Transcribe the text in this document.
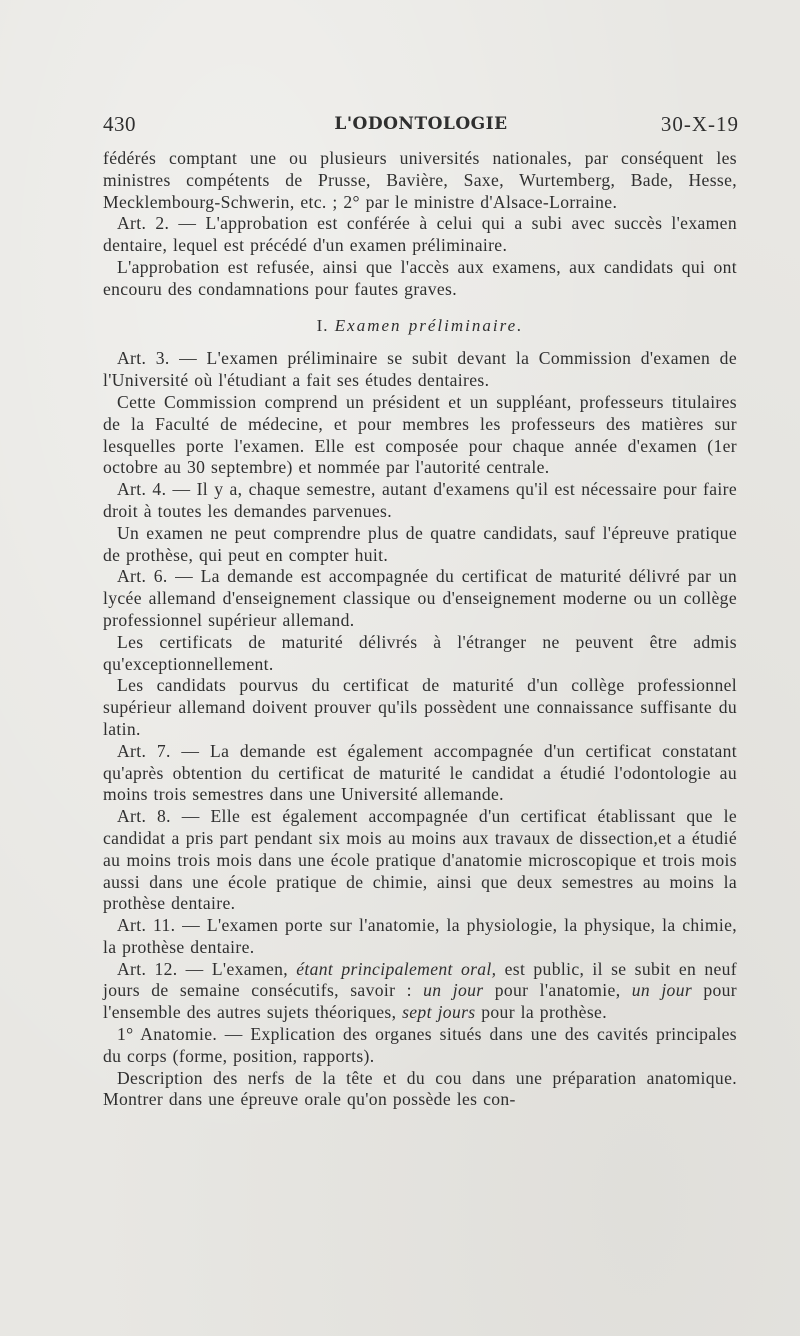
430	L'ODONTOLOGIE	30-X-19

fédérés comptant une ou plusieurs universités nationales, par conséquent les ministres compétents de Prusse, Bavière, Saxe, Wurtemberg, Bade, Hesse, Mecklembourg-Schwerin, etc. ; 2° par le ministre d'Alsace-Lorraine.

Art. 2. — L'approbation est conférée à celui qui a subi avec succès l'examen dentaire, lequel est précédé d'un examen préliminaire.

L'approbation est refusée, ainsi que l'accès aux examens, aux candidats qui ont encouru des condamnations pour fautes graves.

I. Examen préliminaire.

Art. 3. — L'examen préliminaire se subit devant la Commission d'examen de l'Université où l'étudiant a fait ses études dentaires.

Cette Commission comprend un président et un suppléant, professeurs titulaires de la Faculté de médecine, et pour membres les professeurs des matières sur lesquelles porte l'examen. Elle est composée pour chaque année d'examen (1er octobre au 30 septembre) et nommée par l'autorité centrale.

Art. 4. — Il y a, chaque semestre, autant d'examens qu'il est nécessaire pour faire droit à toutes les demandes parvenues.

Un examen ne peut comprendre plus de quatre candidats, sauf l'épreuve pratique de prothèse, qui peut en compter huit.

Art. 6. — La demande est accompagnée du certificat de maturité délivré par un lycée allemand d'enseignement classique ou d'enseignement moderne ou un collège professionnel supérieur allemand.

Les certificats de maturité délivrés à l'étranger ne peuvent être admis qu'exceptionnellement.

Les candidats pourvus du certificat de maturité d'un collège professionnel supérieur allemand doivent prouver qu'ils possèdent une connaissance suffisante du latin.

Art. 7. — La demande est également accompagnée d'un certificat constatant qu'après obtention du certificat de maturité le candidat a étudié l'odontologie au moins trois semestres dans une Université allemande.

Art. 8. — Elle est également accompagnée d'un certificat établissant que le candidat a pris part pendant six mois au moins aux travaux de dissection,et a étudié au moins trois mois dans une école pratique d'anatomie microscopique et trois mois aussi dans une école pratique de chimie, ainsi que deux semestres au moins la prothèse dentaire.

Art. 11. — L'examen porte sur l'anatomie, la physiologie, la physique, la chimie, la prothèse dentaire.

Art. 12. — L'examen, étant principalement oral, est public, il se subit en neuf jours de semaine consécutifs, savoir : un jour pour l'anatomie, un jour pour l'ensemble des autres sujets théoriques, sept jours pour la prothèse.

1° Anatomie. — Explication des organes situés dans une des cavités principales du corps (forme, position, rapports).

Description des nerfs de la tête et du cou dans une préparation anatomique. Montrer dans une épreuve orale qu'on possède les con-
